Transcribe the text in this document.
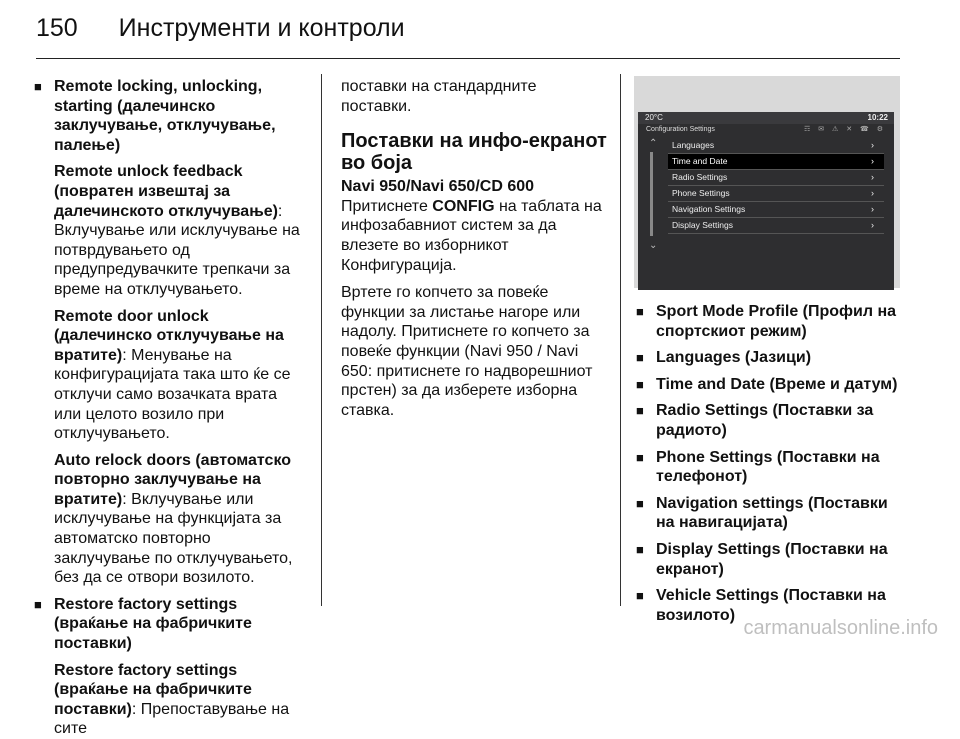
150 Инструменти и контроли
■ Remote locking, unlocking, starting (далечинско заклучување, отклучување, палење)
Remote unlock feedback (повратен извештај за далечинското отклучување): Вклучување или исклучување на потврдувањето од предупредувачките трепкачи за време на отклучувањето.
Remote door unlock (далечинско отклучување на вратите): Менување на конфигурацијата така што ќе се отклучи само возачката врата или целото возило при отклучувањето.
Auto relock doors (автоматско повторно заклучување на вратите): Вклучување или исклучување на функцијата за автоматско повторно заклучување по отклучувањето, без да се отвори возилото.
■ Restore factory settings (враќање на фабричките поставки)
Restore factory settings (враќање на фабричките поставки): Препоставување на сите
поставки на стандардните поставки.
Поставки на инфо-екранот во боја
Navi 950/Navi 650/CD 600
Притиснете CONFIG на таблата на инфозабавниот систем за да влезете во изборникот Конфигурација.
Вртете го копчето за повеќе функции за листање нагоре или надолу. Притиснете го копчето за повеќе функции (Navi 950 / Navi 650: притиснете го надворешниот прстен) за да изберете изборна ставка.
20°C	10:22
Configuration Settings	☶ ✉ ⚠ ✕ ☎ ⚙
⌃
⌄
Languages	›
Time and Date	›
Radio Settings	›
Phone Settings	›
Navigation Settings	›
Display Settings	›
■ Sport Mode Profile (Профил на спортскиот режим)
■ Languages (Јазици)
■ Time and Date (Време и датум)
■ Radio Settings (Поставки за радиото)
■ Phone Settings (Поставки на телефонот)
■ Navigation settings (Поставки на навигацијата)
■ Display Settings (Поставки на екранот)
■ Vehicle Settings (Поставки на возилото)
carmanualsonline.info
